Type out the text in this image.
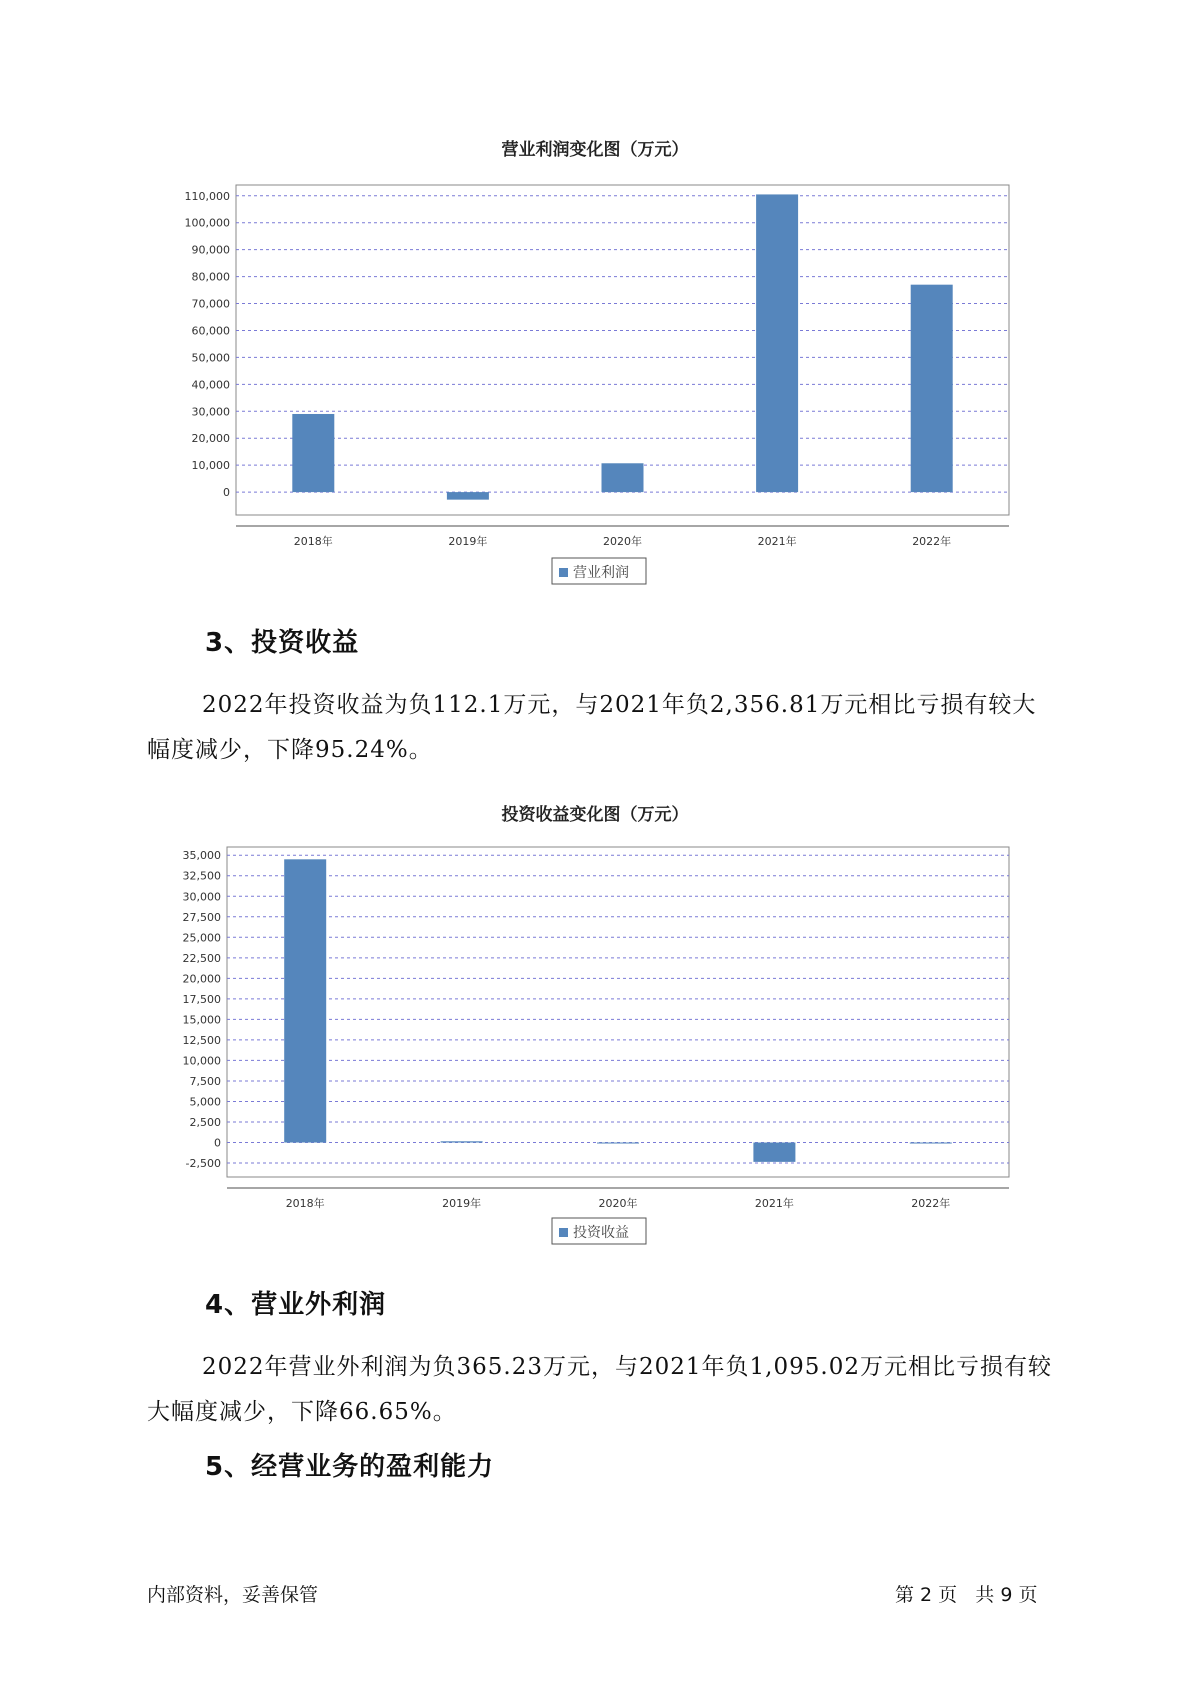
营业利润变化图（万元）
0
10,000
20,000
30,000
40,000
50,000
60,000
70,000
80,000
90,000
100,000
110,000
2018年	2019年	2020年	2021年	2022年
营业利润
3、投资收益
2022年投资收益为负112.1万元，与2021年负2,356.81万元相比亏损有较大幅度减少，下降95.24%。
投资收益变化图（万元）
-2,500
0
2,500
5,000
7,500
10,000
12,500
15,000
17,500
20,000
22,500
25,000
27,500
30,000
32,500
35,000
2018年	2019年	2020年	2021年	2022年
投资收益
4、营业外利润
2022年营业外利润为负365.23万元，与2021年负1,095.02万元相比亏损有较大幅度减少，下降66.65%。
5、经营业务的盈利能力
内部资料，妥善保管	第 2 页   共 9 页
